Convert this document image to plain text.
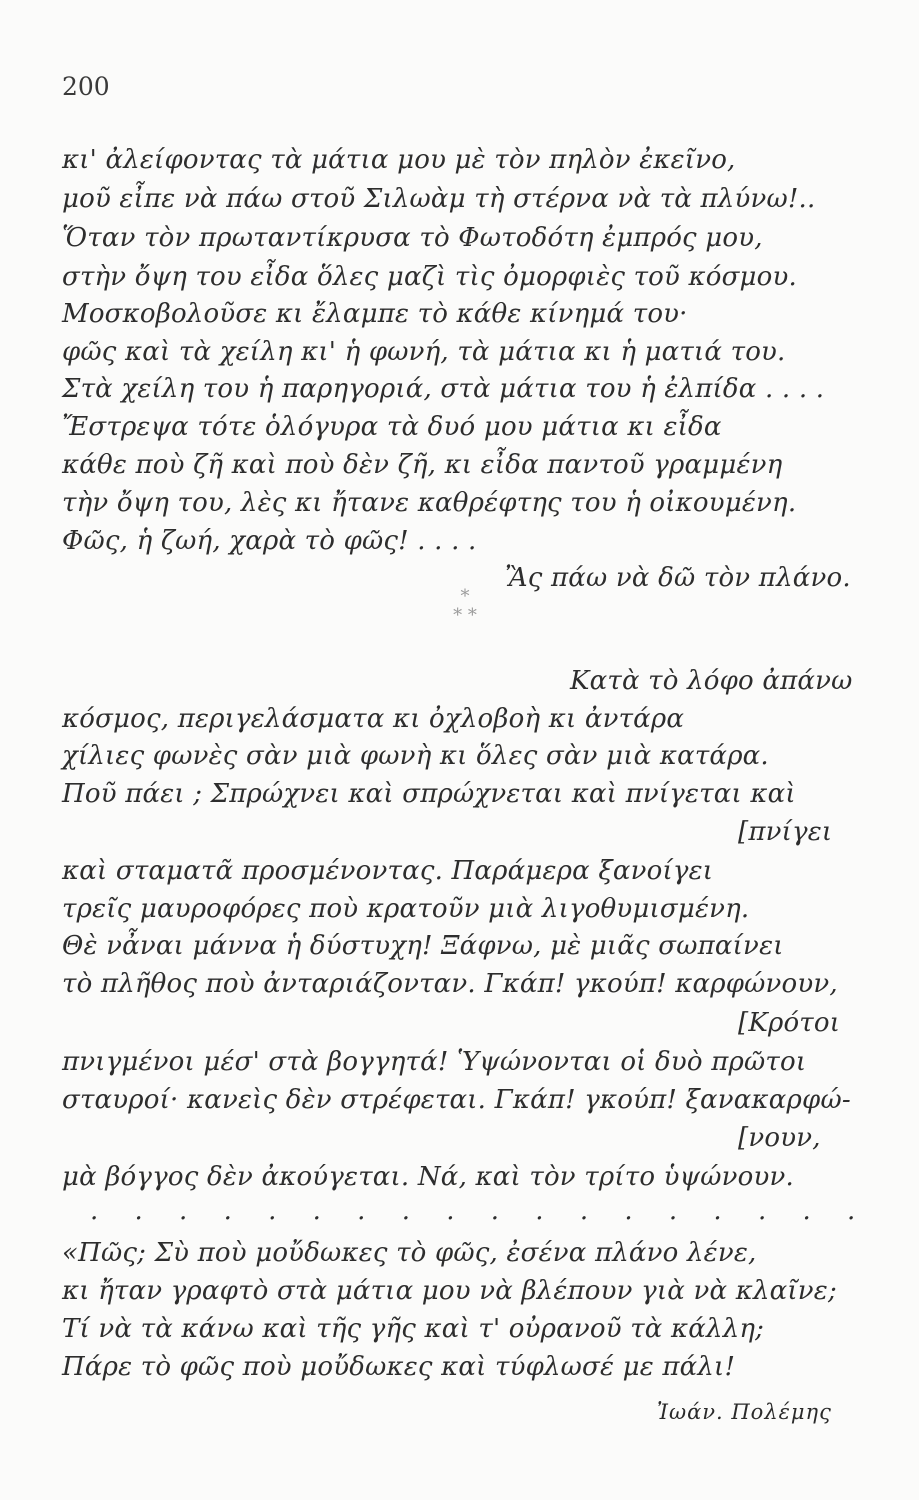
200
κι' ἀλείφοντας τὰ μάτια μου μὲ τὸν πηλὸν ἐκεῖνο,
μοῦ εἶπε νὰ πάω στοῦ Σιλωὰμ τὴ στέρνα νὰ τὰ πλύνω!..
Ὅταν τὸν πρωταντίκρυσα τὸ Φωτοδότη ἐμπρός μου,
στὴν ὄψη του εἶδα ὅλες μαζὶ τὶς ὀμορφιὲς τοῦ κόσμου.
Μοσκοβολοῦσε κι ἔλαμπε τὸ κάθε κίνημά του·
φῶς καὶ τὰ χείλη κι' ἡ φωνή, τὰ μάτια κι ἡ ματιά του.
Στὰ χείλη του ἡ παρηγοριά, στὰ μάτια του ἡ ἐλπίδα . . . .
Ἔστρεψα τότε ὁλόγυρα τὰ δυό μου μάτια κι εἶδα
κάθε ποὺ ζῆ καὶ ποὺ δὲν ζῆ, κι εἶδα παντοῦ γραμμένη
τὴν ὄψη του, λὲς κι ἤτανε καθρέφτης του ἡ οἰκουμένη.
Φῶς, ἡ ζωή, χαρὰ τὸ φῶς! . . . .
Ἂς πάω νὰ δῶ τὸν πλάνο.
*
* *
Κατὰ τὸ λόφο ἀπάνω
κόσμος, περιγελάσματα κι ὀχλοβοὴ κι ἀντάρα
χίλιες φωνὲς σὰν μιὰ φωνὴ κι ὅλες σὰν μιὰ κατάρα.
Ποῦ πάει ; Σπρώχνει καὶ σπρώχνεται καὶ πνίγεται καὶ
[πνίγει
καὶ σταματᾶ προσμένοντας. Παράμερα ξανοίγει
τρεῖς μαυροφόρες ποὺ κρατοῦν μιὰ λιγοθυμισμένη.
Θὲ νἆναι μάννα ἡ δύστυχη! Ξάφνω, μὲ μιᾶς σωπαίνει
τὸ πλῆθος ποὺ ἀνταριάζονταν. Γκάπ! γκούπ! καρφώνουν,
[Κρότοι
πνιγμένοι μέσ' στὰ βογγητά! Ὑψώνονται οἱ δυὸ πρῶτοι
σταυροί· κανεὶς δὲν στρέφεται. Γκάπ! γκούπ! ξανακαρφώ-
[νουν,
μὰ βόγγος δὲν ἀκούγεται. Νά, καὶ τὸν τρίτο ὑψώνουν.
. . . . . . . . . . . . . . . . . .
«Πῶς; Σὺ ποὺ μοὔδωκες τὸ φῶς, ἐσένα πλάνο λένε,
κι ἤταν γραφτὸ στὰ μάτια μου νὰ βλέπουν γιὰ νὰ κλαῖνε;
Τί νὰ τὰ κάνω καὶ τῆς γῆς καὶ τ' οὐρανοῦ τὰ κάλλη;
Πάρε τὸ φῶς ποὺ μοὔδωκες καὶ τύφλωσέ με πάλι!
Ἰωάν. Πολέμης
